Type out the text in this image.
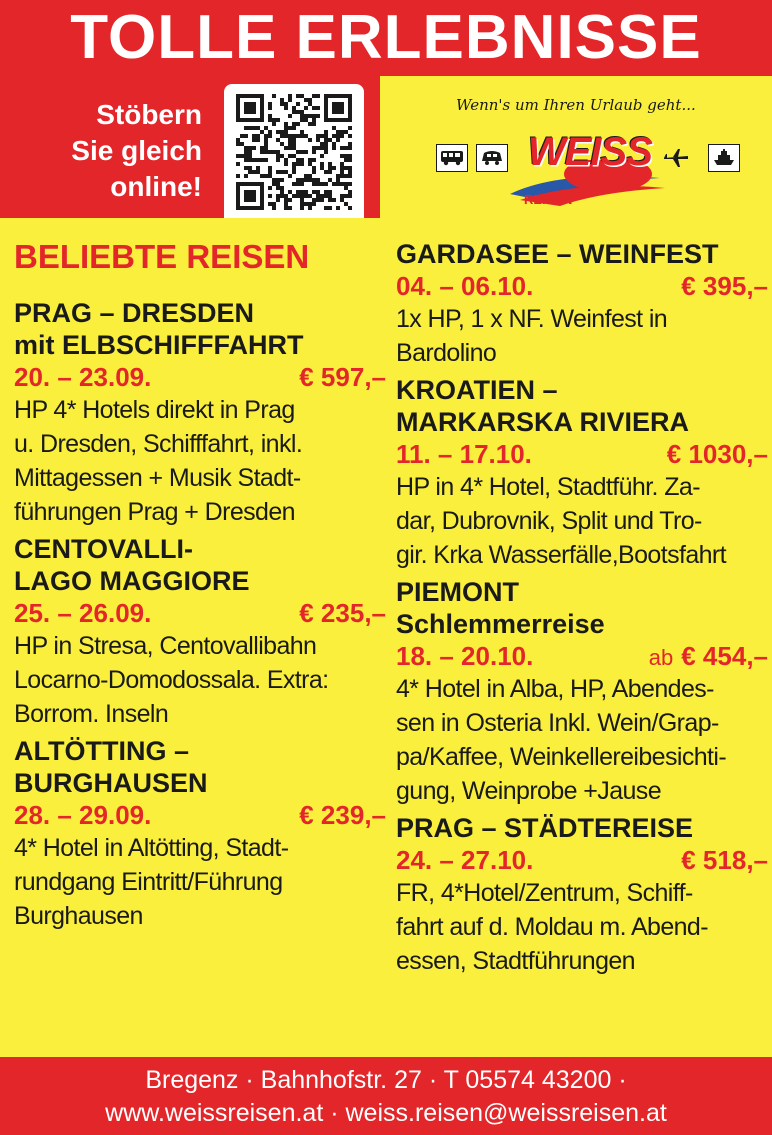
TOLLE ERLEBNISSE
Stöbern
Sie gleich
online!
Wenn's um Ihren Urlaub geht...
WEISS
REISEN
BELIEBTE REISEN
PRAG – DRESDEN
mit ELBSCHIFFFAHRT
20. – 23.09.	€ 597,–
HP 4* Hotels direkt in Prag
u. Dresden, Schifffahrt, inkl.
Mittagessen + Musik Stadt-
führungen Prag + Dresden
CENTOVALLI-
LAGO MAGGIORE
25. – 26.09.	€ 235,–
HP in Stresa, Centovallibahn
Locarno-Domodossala. Extra:
Borrom. Inseln
ALTÖTTING –
BURGHAUSEN
28. – 29.09.	€ 239,–
4* Hotel in Altötting, Stadt-
rundgang Eintritt/Führung
Burghausen
GARDASEE – WEINFEST
04. – 06.10.	€ 395,–
1x HP, 1 x NF. Weinfest in
Bardolino
KROATIEN –
MARKARSKA RIVIERA
11. – 17.10.	€ 1030,–
HP in 4* Hotel, Stadtführ. Za-
dar, Dubrovnik, Split und Tro-
gir. Krka Wasserfälle,Bootsfahrt
PIEMONT
Schlemmerreise
18. – 20.10.	ab € 454,–
4* Hotel in Alba, HP, Abendes-
sen in Osteria Inkl. Wein/Grap-
pa/Kaffee, Weinkellereibesichti-
gung, Weinprobe +Jause
PRAG – STÄDTEREISE
24. – 27.10.	€ 518,–
FR, 4*Hotel/Zentrum, Schiff-
fahrt auf d. Moldau m. Abend-
essen, Stadtführungen
Bregenz · Bahnhofstr. 27 · T 05574 43200 ·
www.weissreisen.at · weiss.reisen@weissreisen.at
